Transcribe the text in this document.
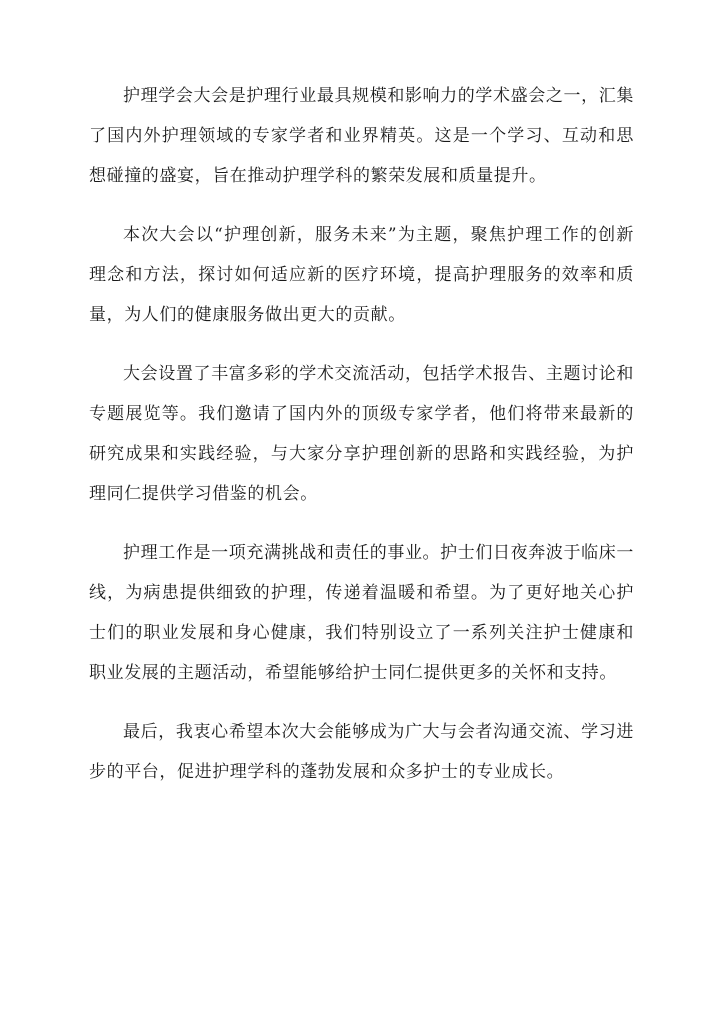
护理学会大会是护理行业最具规模和影响力的学术盛会之一，汇集了国内外护理领域的专家学者和业界精英。这是一个学习、互动和思想碰撞的盛宴，旨在推动护理学科的繁荣发展和质量提升。

本次大会以“护理创新，服务未来”为主题，聚焦护理工作的创新理念和方法，探讨如何适应新的医疗环境，提高护理服务的效率和质量，为人们的健康服务做出更大的贡献。

大会设置了丰富多彩的学术交流活动，包括学术报告、主题讨论和专题展览等。我们邀请了国内外的顶级专家学者，他们将带来最新的研究成果和实践经验，与大家分享护理创新的思路和实践经验，为护理同仁提供学习借鉴的机会。

护理工作是一项充满挑战和责任的事业。护士们日夜奔波于临床一线，为病患提供细致的护理，传递着温暖和希望。为了更好地关心护士们的职业发展和身心健康，我们特别设立了一系列关注护士健康和职业发展的主题活动，希望能够给护士同仁提供更多的关怀和支持。

最后，我衷心希望本次大会能够成为广大与会者沟通交流、学习进步的平台，促进护理学科的蓬勃发展和众多护士的专业成长。
